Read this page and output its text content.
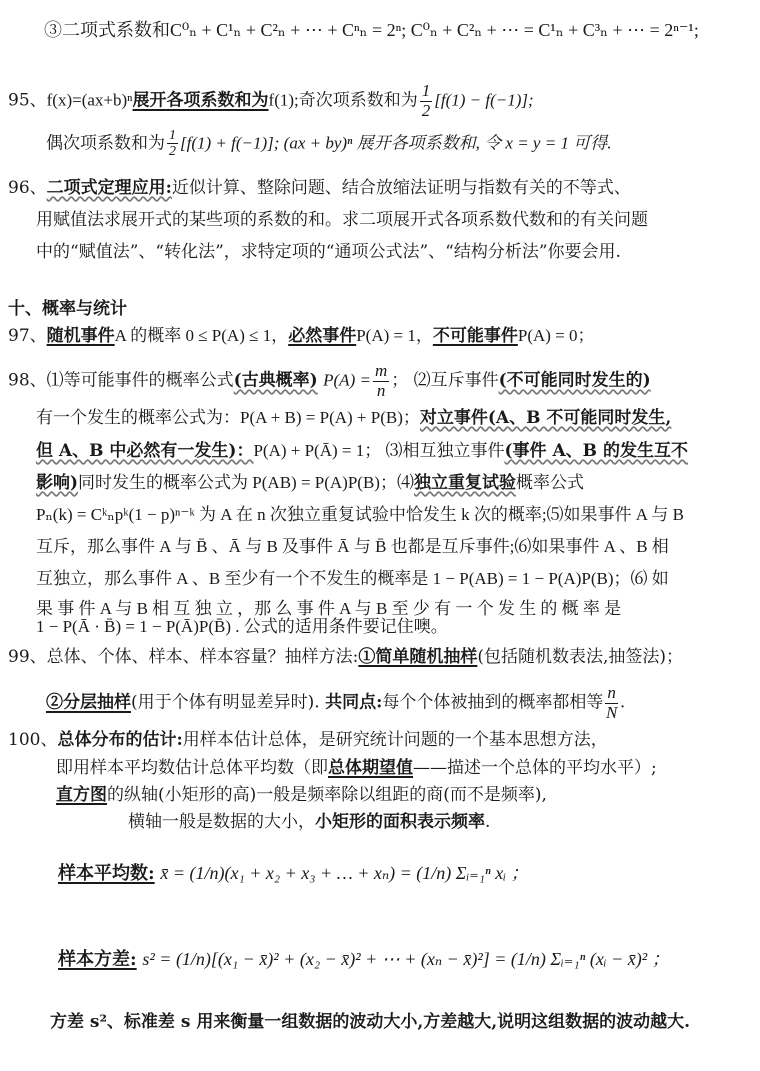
③二项式系数和C⁰ₙ + C¹ₙ + C²ₙ + ⋯ + Cⁿₙ = 2ⁿ; C⁰ₙ + C²ₙ + ⋯ = C¹ₙ + C³ₙ + ⋯ = 2ⁿ⁻¹;
95、f(x)=(ax+b)ⁿ展开各项系数和为f(1);奇次项系数和为 $\frac{1}{2} [f(1) - f(-1)]$;
偶次项系数和为 $\frac{1}{2} [f(1) + f(-1)]$; (ax + by)ⁿ 展开各项系数和, 令 x = y = 1 可得.
96、二项式定理应用:近似计算、整除问题、结合放缩法证明与指数有关的不等式、
用赋值法求展开式的某些项的系数的和。求二项展开式各项系数代数和的有关问题
中的“赋值法”、“转化法”，求特定项的“通项公式法”、“结构分析法”你要会用.
十、概率与统计
97、随机事件A 的概率 0 ≤ P(A) ≤ 1，必然事件P(A) = 1，不可能事件P(A) = 0；
98、⑴等可能事件的概率公式(古典概率) $P(A) = \frac{m}{n}$ ； ⑵互斥事件(不可能同时发生的)
有一个发生的概率公式为：P(A + B) = P(A) + P(B)；对立事件(A、B 不可能同时发生,
但 A、B 中必然有一发生)：P(A) + P(Ā) = 1； ⑶相互独立事件(事件 A、B 的发生互不
影响)同时发生的概率公式为 P(AB) = P(A)P(B)；⑷独立重复试验概率公式
Pₙ(k) = Cᵏₙpᵏ(1 − p)ⁿ⁻ᵏ 为 A 在 n 次独立重复试验中恰发生 k 次的概率;⑸如果事件 A 与 B
互斥，那么事件 A 与 B̄ 、Ā 与 B 及事件 Ā 与 B̄ 也都是互斥事件;⑹如果事件 A 、B 相
互独立，那么事件 A 、B 至少有一个不发生的概率是 1 − P(AB) = 1 − P(A)P(B)；⑹ 如
果 事 件 A 与 B 相 互 独 立 ，那 么 事 件 A 与 B 至 少 有 一 个 发 生 的 概 率 是
1 − P(Ā · B̄) = 1 − P(Ā)P(B̄) . 公式的适用条件要记住噢。
99、总体、个体、样本、样本容量？抽样方法:①简单随机抽样(包括随机数表法,抽签法)；
②分层抽样(用于个体有明显差异时). 共同点:每个个体被抽到的概率都相等 $\frac{n}{N}$ .
100、总体分布的估计:用样本估计总体，是研究统计问题的一个基本思想方法，
即用样本平均数估计总体平均数（即总体期望值——描述一个总体的平均水平）;
直方图的纵轴(小矩形的高)一般是频率除以组距的商(而不是频率),
横轴一般是数据的大小，小矩形的面积表示频率.
样本平均数: x̄ = (1/n)(x₁ + x₂ + x₃ + … + xₙ) = (1/n) Σᵢ₌₁ⁿ xᵢ ；
样本方差: s² = (1/n)[(x₁ − x̄)² + (x₂ − x̄)² + ⋯ + (xₙ − x̄)²] = (1/n) Σᵢ₌₁ⁿ (xᵢ − x̄)² ；
方差 s²、标准差 s 用来衡量一组数据的波动大小,方差越大,说明这组数据的波动越大.
